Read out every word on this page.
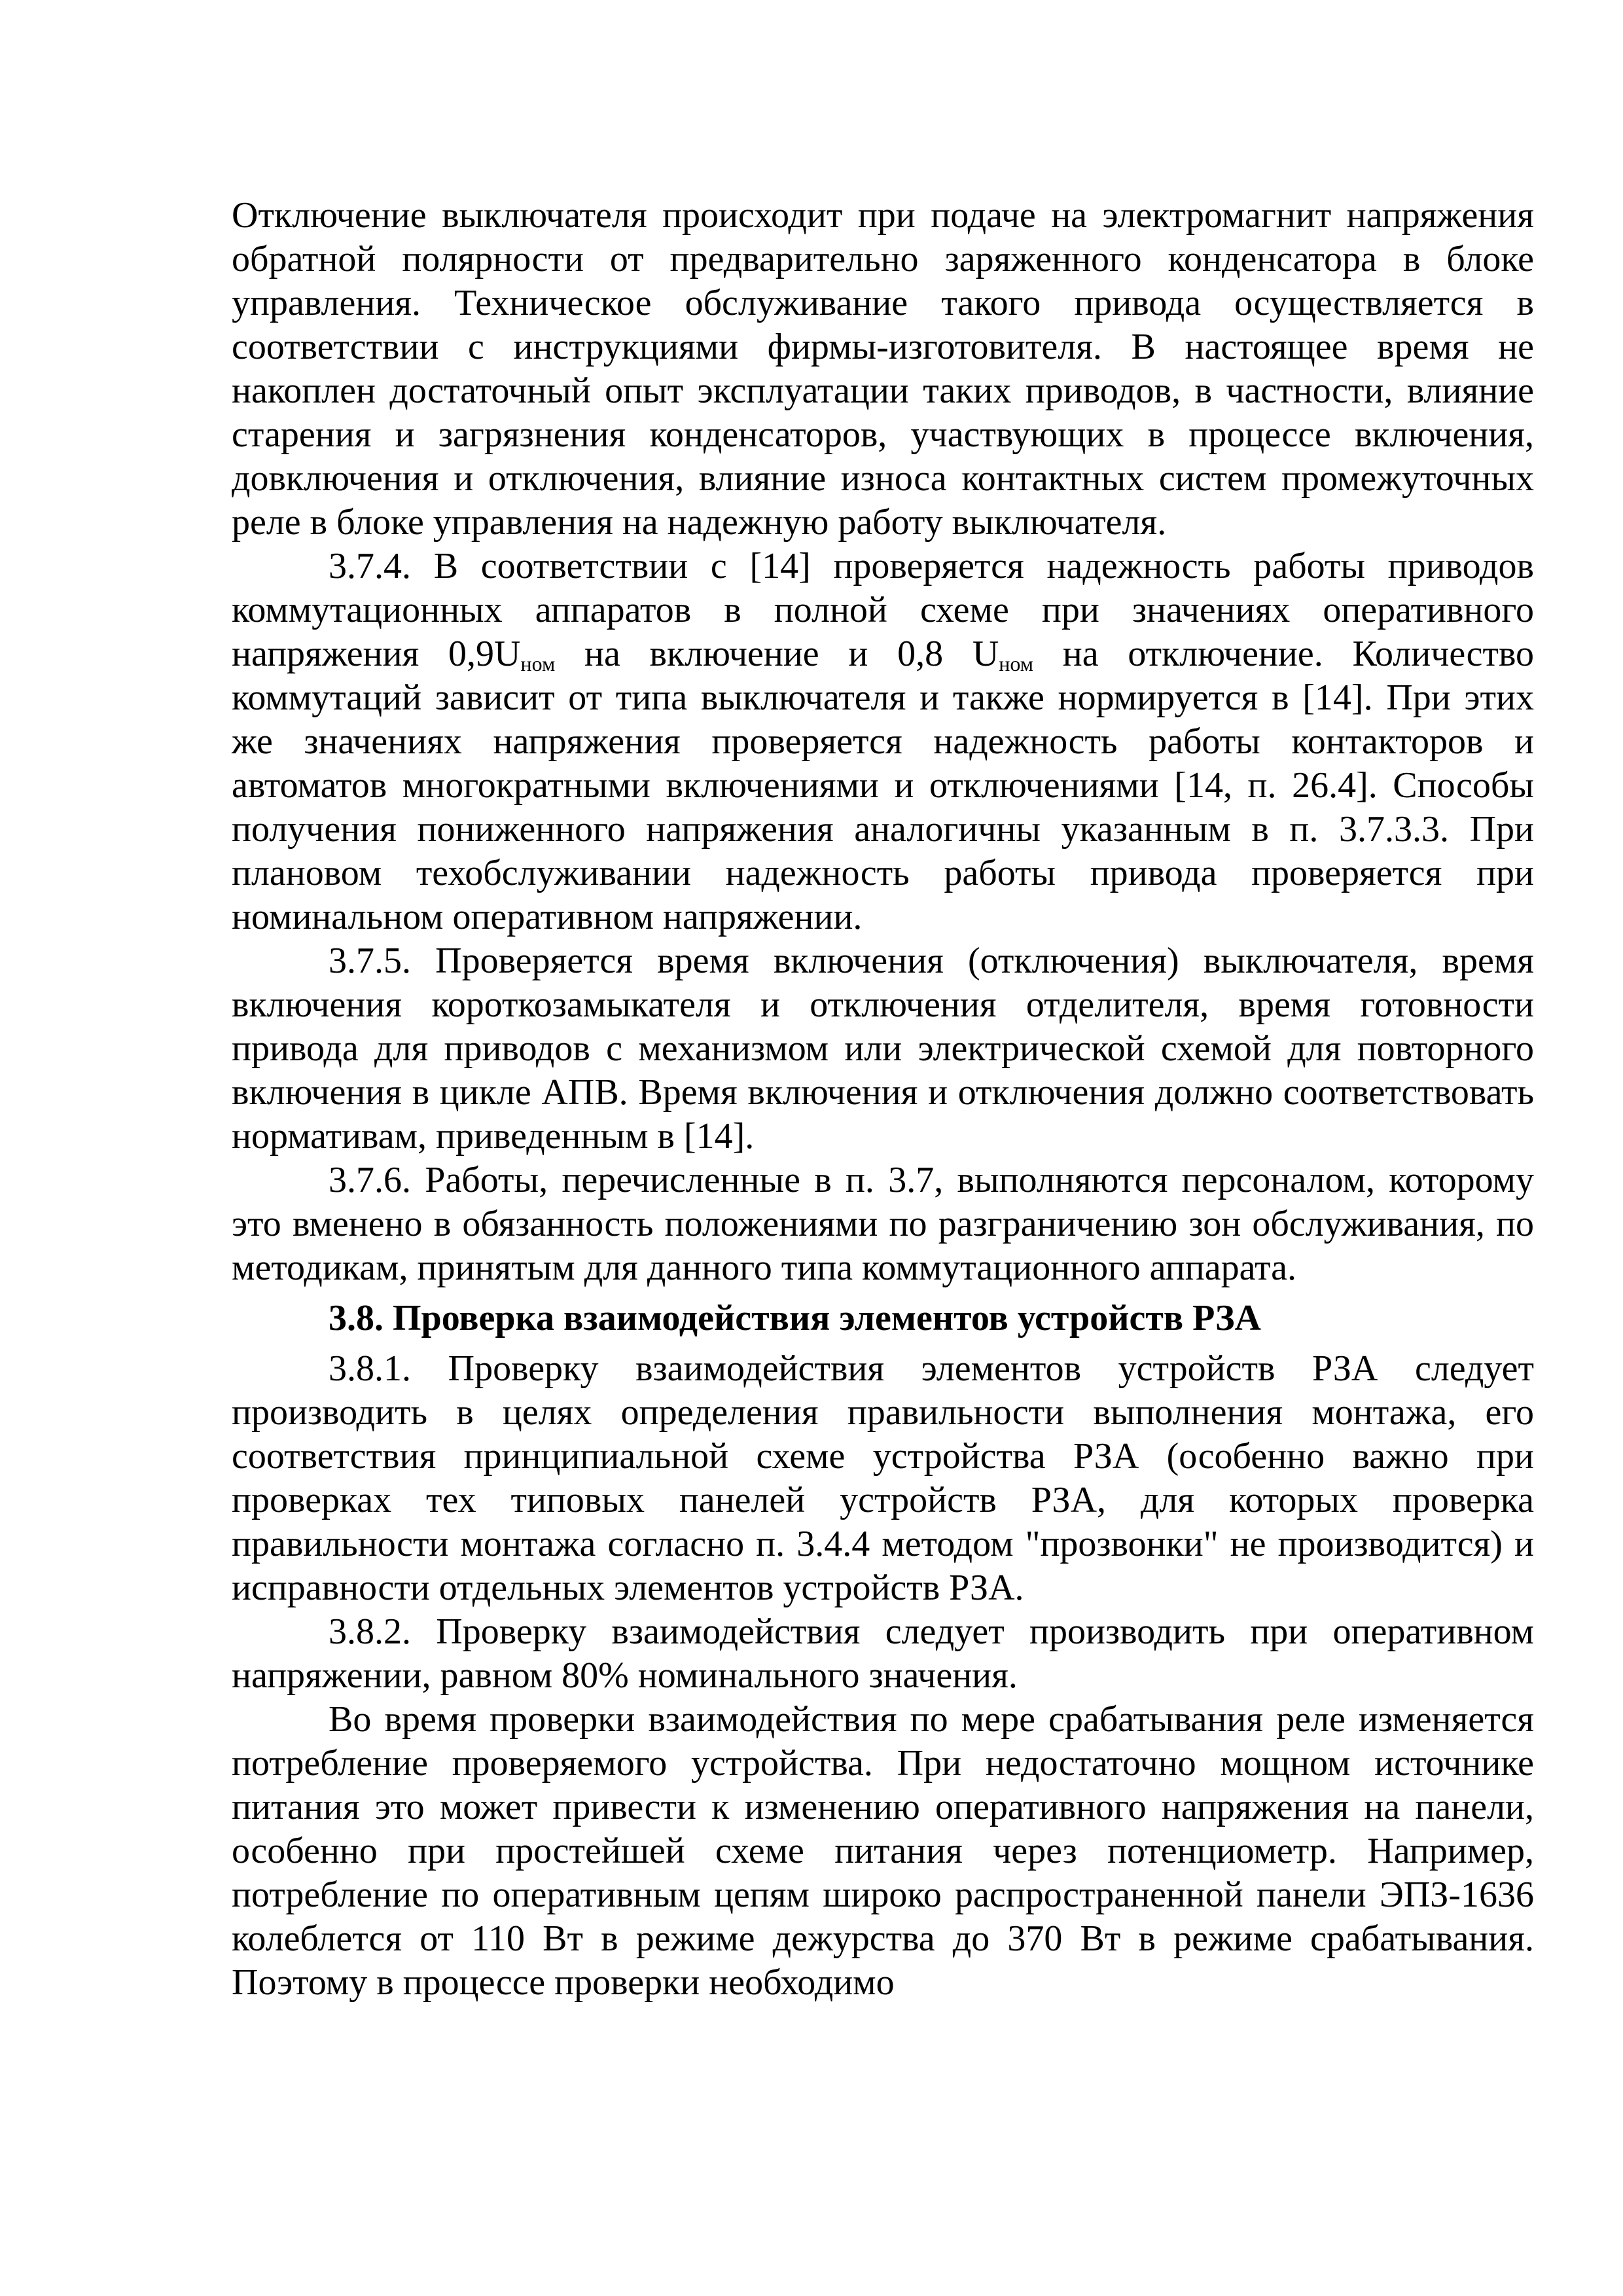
Отключение выключателя происходит при подаче на электромагнит напряжения обратной полярности от предварительно заряженного конденсатора в блоке управления. Техническое обслуживание такого привода осуществляется в соответствии с инструкциями фирмы-изготовителя. В настоящее время не накоплен достаточный опыт эксплуатации таких приводов, в частности, влияние старения и загрязнения конденсаторов, участвующих в процессе включения, довключения и отключения, влияние износа контактных систем промежуточных реле в блоке управления на надежную работу выключателя.

3.7.4. В соответствии с [14] проверяется надежность работы приводов коммутационных аппаратов в полной схеме при значениях оперативного напряжения $0,9U_{ном}$ на включение и 0,8 $U_{ном}$ на отключение. Количество коммутаций зависит от типа выключателя и также нормируется в [14]. При этих же значениях напряжения проверяется надежность работы контакторов и автоматов многократными включениями и отключениями [14, п. 26.4]. Способы получения пониженного напряжения аналогичны указанным в п. 3.7.3.3. При плановом техобслуживании надежность работы привода проверяется при номинальном оперативном напряжении.

3.7.5. Проверяется время включения (отключения) выключателя, время включения короткозамыкателя и отключения отделителя, время готовности привода для приводов с механизмом или электрической схемой для повторного включения в цикле АПВ. Время включения и отключения должно соответствовать нормативам, приведенным в [14].

3.7.6. Работы, перечисленные в п. 3.7, выполняются персоналом, которому это вменено в обязанность положениями по разграничению зон обслуживания, по методикам, принятым для данного типа коммутационного аппарата.

3.8. Проверка взаимодействия элементов устройств РЗА

3.8.1. Проверку взаимодействия элементов устройств РЗА следует производить в целях определения правильности выполнения монтажа, его соответствия принципиальной схеме устройства РЗА (особенно важно при проверках тех типовых панелей устройств РЗА, для которых проверка правильности монтажа согласно п. 3.4.4 методом "прозвонки" не производится) и исправности отдельных элементов устройств РЗА.

3.8.2. Проверку взаимодействия следует производить при оперативном напряжении, равном 80% номинального значения.

Во время проверки взаимодействия по мере срабатывания реле изменяется потребление проверяемого устройства. При недостаточно мощном источнике питания это может привести к изменению оперативного напряжения на панели, особенно при простейшей схеме питания через потенциометр. Например, потребление по оперативным цепям широко распространенной панели ЭПЗ-1636 колеблется от 110 Вт в режиме дежурства до 370 Вт в режиме срабатывания. Поэтому в процессе проверки необходимо
